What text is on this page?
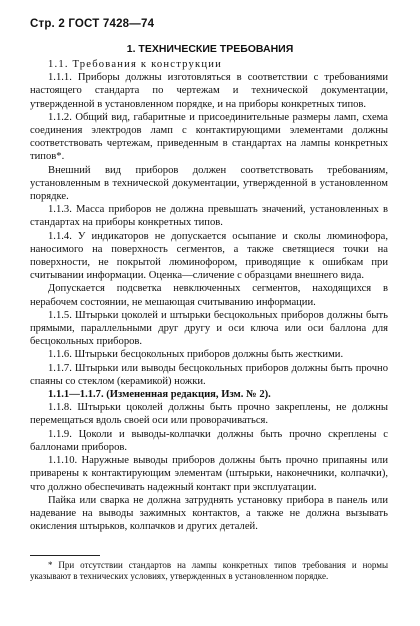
Стр. 2 ГОСТ 7428—74
1. ТЕХНИЧЕСКИЕ ТРЕБОВАНИЯ

1.1. Требования к конструкции

1.1.1. Приборы должны изготовляться в соответствии с требованиями настоящего стандарта по чертежам и технической документации, утвержденной в установленном порядке, и на приборы конкретных типов.

1.1.2. Общий вид, габаритные и присоединительные размеры ламп, схема соединения электродов ламп с контактирующими элементами должны соответствовать чертежам, приведенным в стандартах на лампы конкретных типов*.

Внешний вид приборов должен соответствовать требованиям, установленным в технической документации, утвержденной в установленном порядке.

1.1.3. Масса приборов не должна превышать значений, установленных в стандартах на приборы конкретных типов.

1.1.4. У индикаторов не допускается осыпание и сколы люминофора, наносимого на поверхность сегментов, а также светящиеся точки на поверхности, не покрытой люминофором, приводящие к ошибкам при считывании информации. Оценка—сличение с образцами внешнего вида.

Допускается подсветка невключенных сегментов, находящихся в нерабочем состоянии, не мешающая считыванию информации.

1.1.5. Штырьки цоколей и штырьки бесцокольных приборов должны быть прямыми, параллельными друг другу и оси ключа или оси баллона для бесцокольных приборов.

1.1.6. Штырьки бесцокольных приборов должны быть жесткими.

1.1.7. Штырьки или выводы бесцокольных приборов должны быть прочно спаяны со стеклом (керамикой) ножки.

1.1.1—1.1.7. (Измененная редакция, Изм. № 2).

1.1.8. Штырьки цоколей должны быть прочно закреплены, не должны перемещаться вдоль своей оси или проворачиваться.

1.1.9. Цоколи и выводы-колпачки должны быть прочно скреплены с баллонами приборов.

1.1.10. Наружные выводы приборов должны быть прочно припаяны или приварены к контактирующим элементам (штырьки, наконечники, колпачки), что должно обеспечивать надежный контакт при эксплуатации.

Пайка или сварка не должна затруднять установку прибора в панель или надевание на выводы зажимных контактов, а также не должна вызывать окисления штырьков, колпачков и других деталей.

* При отсутствии стандартов на лампы конкретных типов требования и нормы указывают в технических условиях, утвержденных в установленном порядке.
